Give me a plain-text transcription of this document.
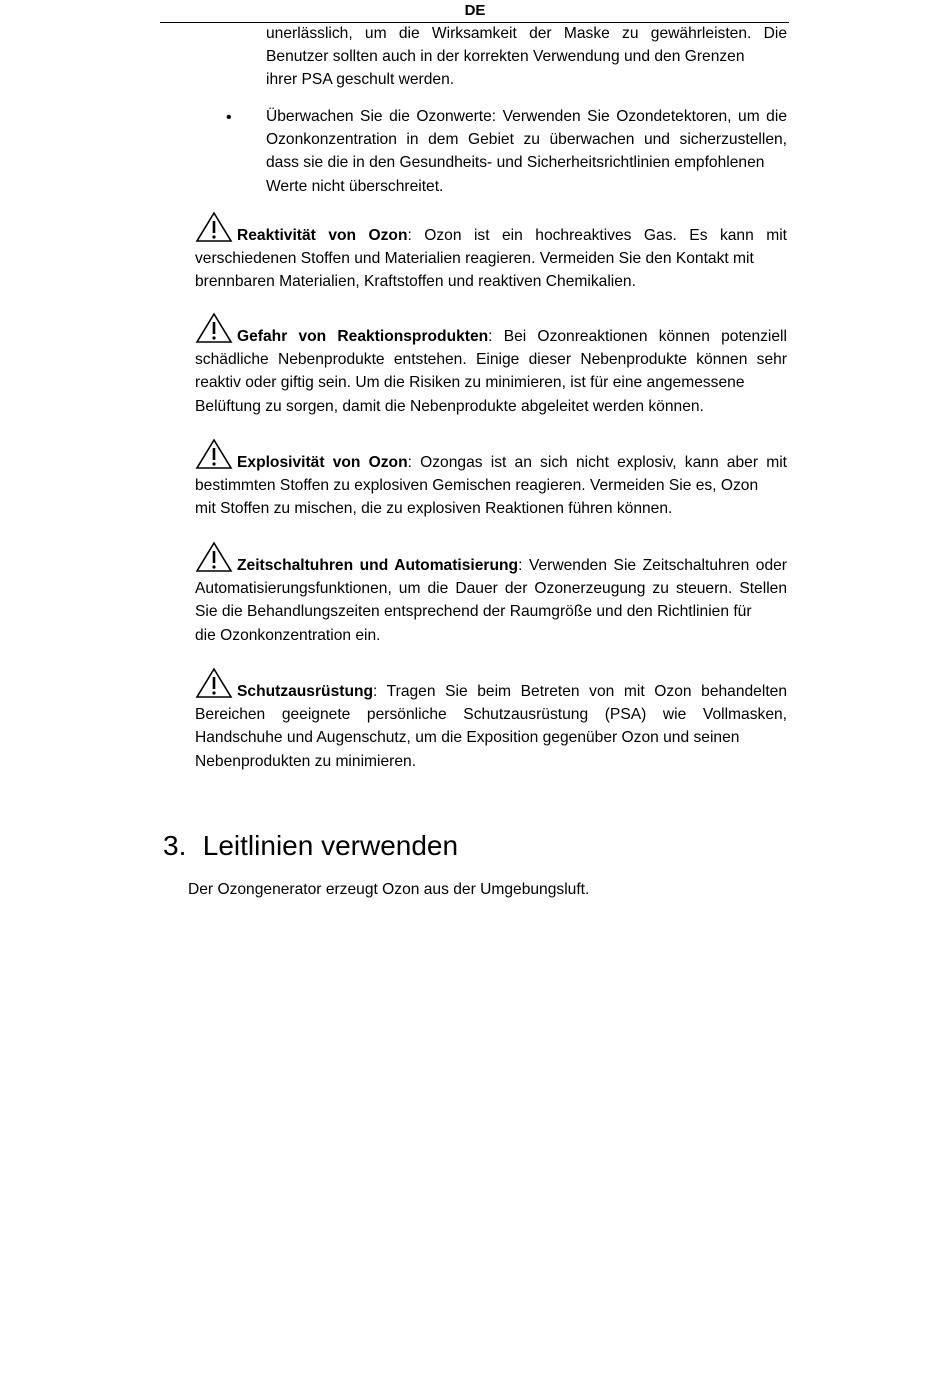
DE
unerlässlich, um die Wirksamkeit der Maske zu gewährleisten. Die Benutzer sollten auch in der korrekten Verwendung und den Grenzen
ihrer PSA geschult werden.
• Überwachen Sie die Ozonwerte: Verwenden Sie Ozondetektoren, um die Ozonkonzentration in dem Gebiet zu überwachen und sicherzustellen, dass sie die in den Gesundheits- und Sicherheitsrichtlinien empfohlenen
Werte nicht überschreitet.
Reaktivität von Ozon: Ozon ist ein hochreaktives Gas. Es kann mit verschiedenen Stoffen und Materialien reagieren. Vermeiden Sie den Kontakt mit
brennbaren Materialien, Kraftstoffen und reaktiven Chemikalien.
Gefahr von Reaktionsprodukten: Bei Ozonreaktionen können potenziell schädliche Nebenprodukte entstehen. Einige dieser Nebenprodukte können sehr reaktiv oder giftig sein. Um die Risiken zu minimieren, ist für eine angemessene
Belüftung zu sorgen, damit die Nebenprodukte abgeleitet werden können.
Explosivität von Ozon: Ozongas ist an sich nicht explosiv, kann aber mit bestimmten Stoffen zu explosiven Gemischen reagieren. Vermeiden Sie es, Ozon
mit Stoffen zu mischen, die zu explosiven Reaktionen führen können.
Zeitschaltuhren und Automatisierung: Verwenden Sie Zeitschaltuhren oder Automatisierungsfunktionen, um die Dauer der Ozonerzeugung zu steuern. Stellen Sie die Behandlungszeiten entsprechend der Raumgröße und den Richtlinien für
die Ozonkonzentration ein.
Schutzausrüstung: Tragen Sie beim Betreten von mit Ozon behandelten Bereichen geeignete persönliche Schutzausrüstung (PSA) wie Vollmasken, Handschuhe und Augenschutz, um die Exposition gegenüber Ozon und seinen
Nebenprodukten zu minimieren.
3. Leitlinien verwenden
Der Ozongenerator erzeugt Ozon aus der Umgebungsluft.
